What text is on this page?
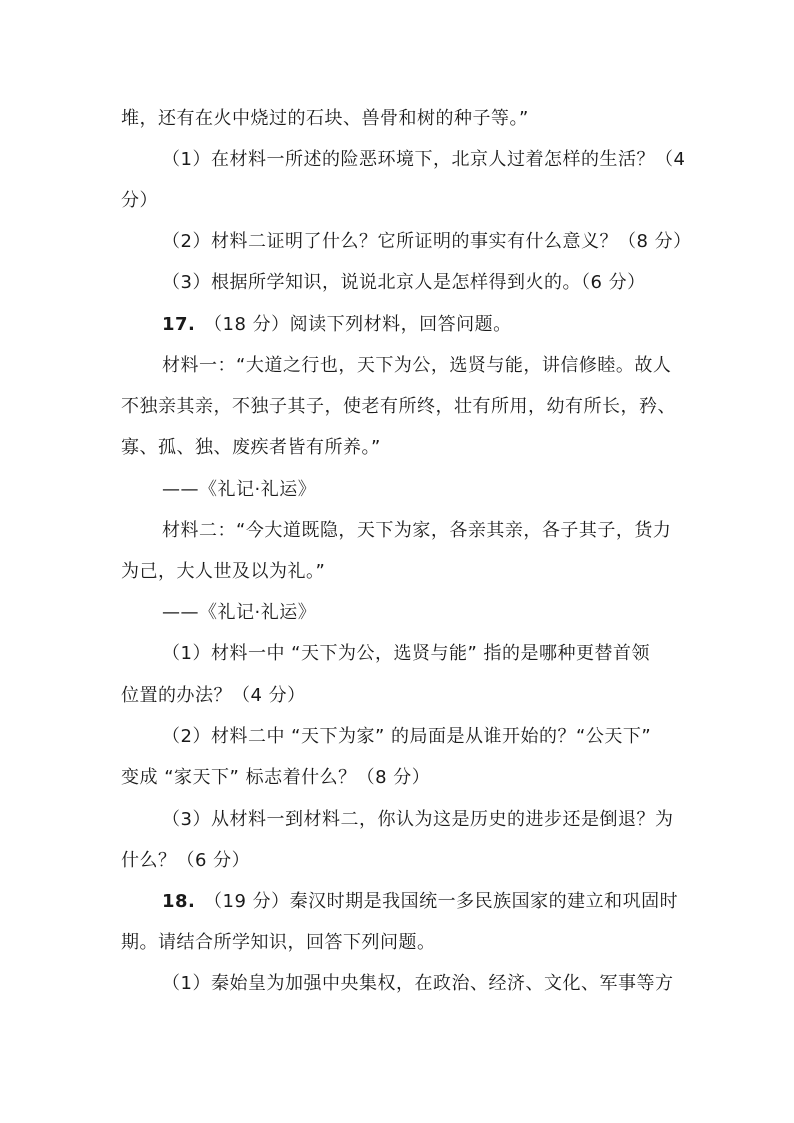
堆，还有在火中烧过的石块、兽骨和树的种子等。”
（1）在材料一所述的险恶环境下，北京人过着怎样的生活？（4
分）
（2）材料二证明了什么？它所证明的事实有什么意义？（8 分）
（3）根据所学知识，说说北京人是怎样得到火的。（6 分）
17. （18 分）阅读下列材料，回答问题。
材料一：“大道之行也，天下为公，选贤与能，讲信修睦。故人
不独亲其亲，不独子其子，使老有所终，壮有所用，幼有所长，矜、
寡、孤、独、废疾者皆有所养。”
——《礼记·礼运》
材料二：“今大道既隐，天下为家，各亲其亲，各子其子，货力
为己，大人世及以为礼。”
——《礼记·礼运》
（1）材料一中 “天下为公，选贤与能” 指的是哪种更替首领
位置的办法？（4 分）
（2）材料二中 “天下为家” 的局面是从谁开始的？“公天下”
变成 “家天下” 标志着什么？（8 分）
（3）从材料一到材料二，你认为这是历史的进步还是倒退？为
什么？（6 分）
18. （19 分）秦汉时期是我国统一多民族国家的建立和巩固时
期。请结合所学知识，回答下列问题。
（1）秦始皇为加强中央集权，在政治、经济、文化、军事等方
